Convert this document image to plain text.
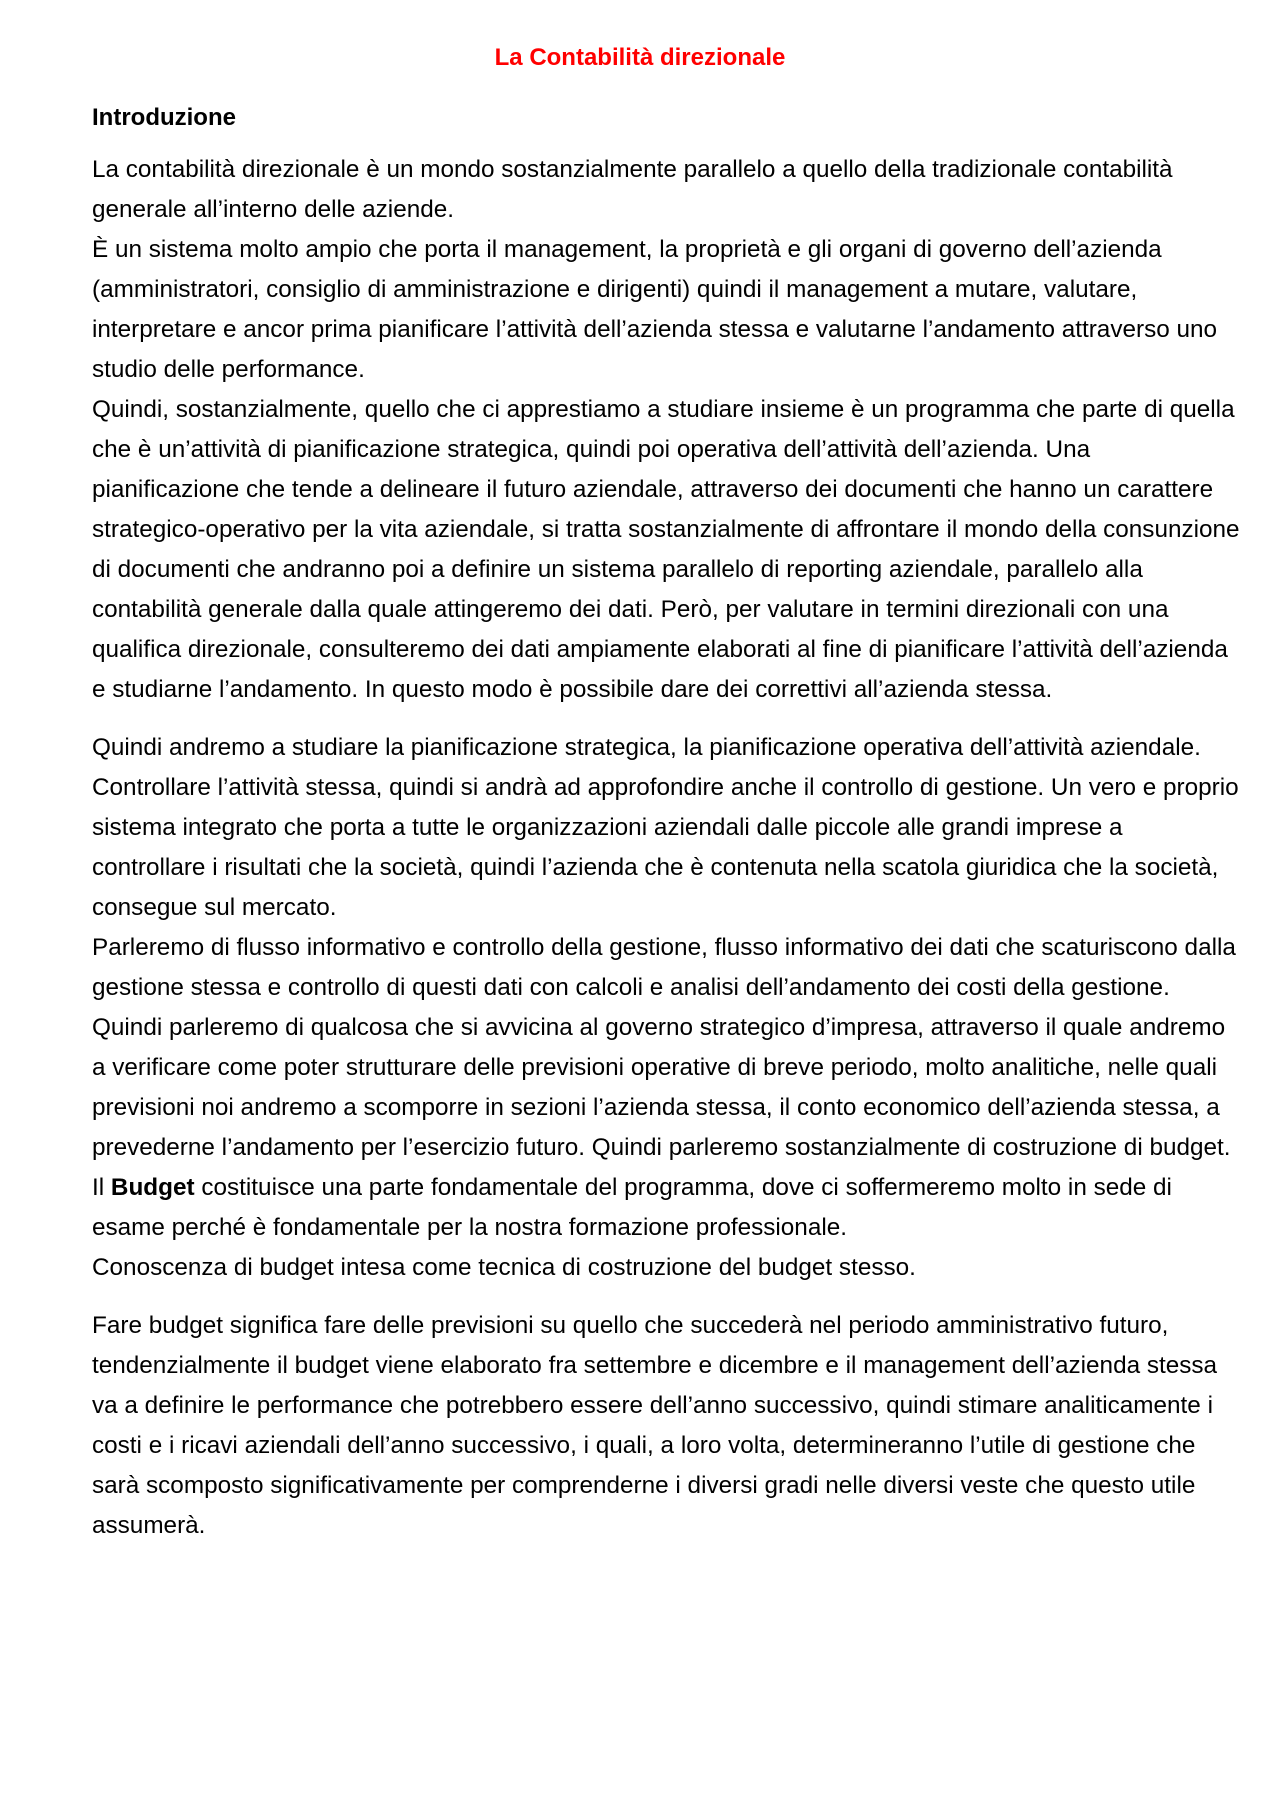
La Contabilità direzionale
Introduzione

La contabilità direzionale è un mondo sostanzialmente parallelo a quello della tradizionale contabilità generale all’interno delle aziende.
È un sistema molto ampio che porta il management, la proprietà e gli organi di governo dell’azienda (amministratori, consiglio di amministrazione e dirigenti) quindi il management a mutare, valutare, interpretare e ancor prima pianificare l’attività dell’azienda stessa e valutarne l’andamento attraverso uno studio delle performance.
Quindi, sostanzialmente, quello che ci apprestiamo a studiare insieme è un programma che parte di quella che è un’attività di pianificazione strategica, quindi poi operativa dell’attività dell’azienda. Una pianificazione che tende a delineare il futuro aziendale, attraverso dei documenti che hanno un carattere strategico-operativo per la vita aziendale, si tratta sostanzialmente di affrontare il mondo della consunzione di documenti che andranno poi a definire un sistema parallelo di reporting aziendale, parallelo alla contabilità generale dalla quale attingeremo dei dati. Però, per valutare in termini direzionali con una qualifica direzionale, consulteremo dei dati ampiamente elaborati al fine di pianificare l’attività dell’azienda e studiarne l’andamento. In questo modo è possibile dare dei correttivi all’azienda stessa.

Quindi andremo a studiare la pianificazione strategica, la pianificazione operativa dell’attività aziendale.
Controllare l’attività stessa, quindi si andrà ad approfondire anche il controllo di gestione. Un vero e proprio sistema integrato che porta a tutte le organizzazioni aziendali dalle piccole alle grandi imprese a controllare i risultati che la società, quindi l’azienda che è contenuta nella scatola giuridica che la società, consegue sul mercato.
Parleremo di flusso informativo e controllo della gestione, flusso informativo dei dati che scaturiscono dalla gestione stessa e controllo di questi dati con calcoli e analisi dell’andamento dei costi della gestione.
Quindi parleremo di qualcosa che si avvicina al governo strategico d’impresa, attraverso il quale andremo a verificare come poter strutturare delle previsioni operative di breve periodo, molto analitiche, nelle quali previsioni noi andremo a scomporre in sezioni l’azienda stessa, il conto economico dell’azienda stessa, a prevederne l’andamento per l’esercizio futuro. Quindi parleremo sostanzialmente di costruzione di budget.
Il Budget costituisce una parte fondamentale del programma, dove ci soffermeremo molto in sede di esame perché è fondamentale per la nostra formazione professionale.
Conoscenza di budget intesa come tecnica di costruzione del budget stesso.

Fare budget significa fare delle previsioni su quello che succederà nel periodo amministrativo futuro, tendenzialmente il budget viene elaborato fra settembre e dicembre e il management dell’azienda stessa va a definire le performance che potrebbero essere dell’anno successivo, quindi stimare analiticamente i costi e i ricavi aziendali dell’anno successivo, i quali, a loro volta, determineranno l’utile di gestione che sarà scomposto significativamente per comprenderne i diversi gradi nelle diversi veste che questo utile assumerà.
